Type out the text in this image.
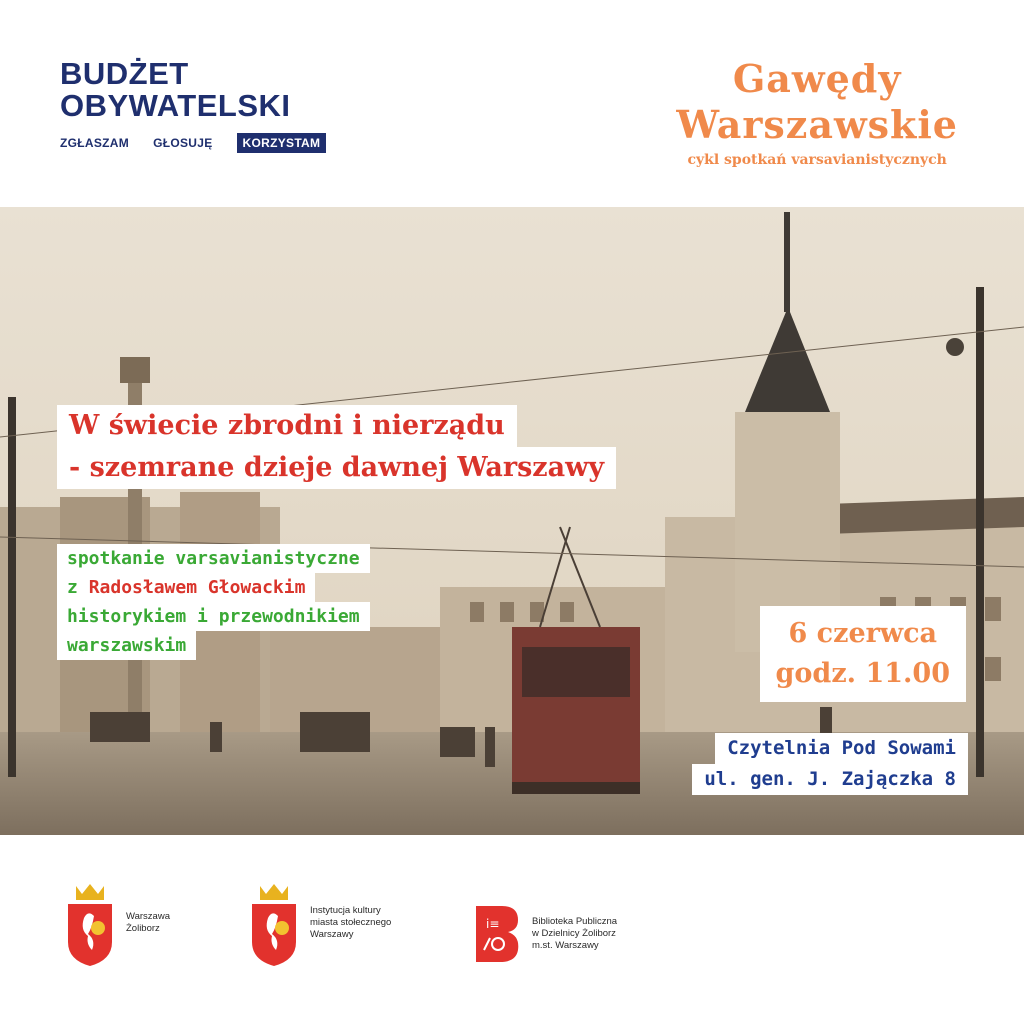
BUDŻET
OBYWATELSKI
ZGŁASZAM GŁOSUJĘ	KORZYSTAM
Gawędy
Warszawskie
cykl spotkań varsavianistycznych
W świecie zbrodni i nierządu
- szemrane dzieje dawnej Warszawy
spotkanie varsavianistyczne
z Radosławem Głowackim
historykiem i przewodnikiem
warszawskim	6 czerwca
godz. 11.00
Czytelnia Pod Sowami
ul. gen. J. Zajączka 8
Warszawa
Żoliborz
Instytucja kultury
miasta stołecznego
Warszawy
i≡	Biblioteka Publiczna
w Dzielnicy Żoliborz
m.st. Warszawy
